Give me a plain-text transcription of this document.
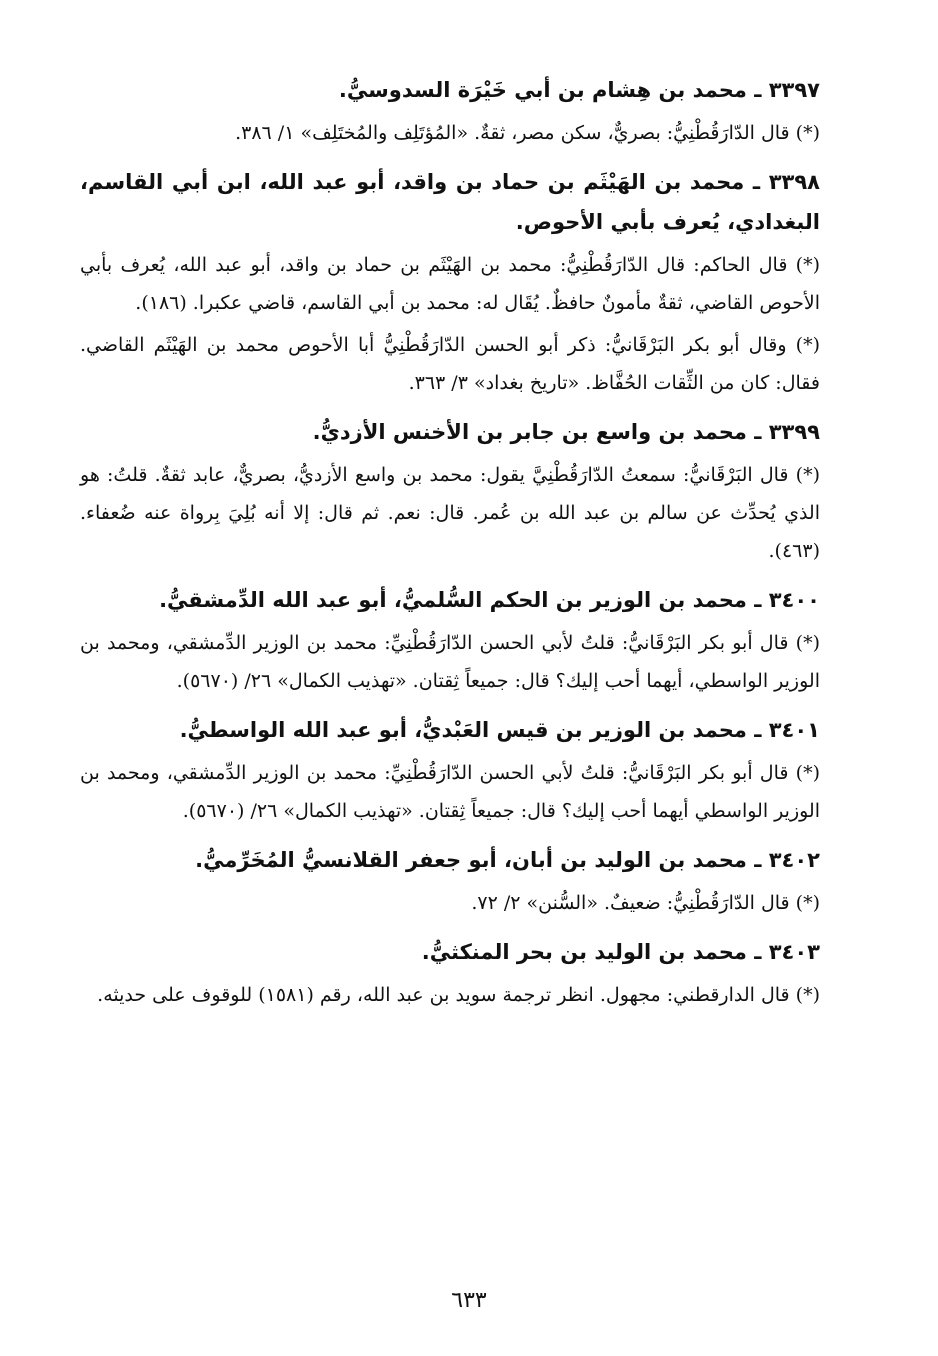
٣٣٩٧ ـ محمد بن هِشام بن أبي خَيْرَة السدوسيُّ.

(*) قال الدّارَقُطْنِيُّ: بصريٌّ، سكن مصر، ثقةٌ. «المُؤتَلِف والمُختَلِف» ١/ ٣٨٦.

٣٣٩٨ ـ محمد بن الهَيْثَم بن حماد بن واقد، أبو عبد الله، ابن أبي القاسم، البغدادي، يُعرف بأبي الأحوص.

(*) قال الحاكم: قال الدّارَقُطْنِيُّ: محمد بن الهَيْثَم بن حماد بن واقد، أبو عبد الله، يُعرف بأبي الأحوص القاضي، ثقةٌ مأمونٌ حافظٌ. يُقَال له: محمد بن أبي القاسم، قاضي عكبرا. (١٨٦).

(*) وقال أبو بكر البَرْقَانيُّ: ذكر أبو الحسن الدّارَقُطْنِيُّ أبا الأحوص محمد بن الهَيْثَم القاضي. فقال: كان من الثِّقات الحُفَّاظ. «تاريخ بغداد» ٣/ ٣٦٣.

٣٣٩٩ ـ محمد بن واسع بن جابر بن الأخنس الأزديُّ.

(*) قال البَرْقَانيُّ: سمعتُ الدّارَقُطْنِيَّ يقول: محمد بن واسع الأزديُّ، بصريٌّ، عابد ثقةٌ. قلتُ: هو الذي يُحدِّث عن سالم بن عبد الله بن عُمر. قال: نعم. ثم قال: إلا أنه بُلِيَ بِرواة عنه ضُعفاء. (٤٦٣).

٣٤٠٠ ـ محمد بن الوزير بن الحكم السُّلميُّ، أبو عبد الله الدِّمشقيُّ.

(*) قال أبو بكر البَرْقَانيُّ: قلتُ لأبي الحسن الدّارَقُطْنِيِّ: محمد بن الوزير الدِّمشقي، ومحمد بن الوزير الواسطي، أيهما أحب إليك؟ قال: جميعاً ثِقتان. «تهذيب الكمال» ٢٦/ (٥٦٧٠).

٣٤٠١ ـ محمد بن الوزير بن قيس العَبْديُّ، أبو عبد الله الواسطيُّ.

(*) قال أبو بكر البَرْقَانيُّ: قلتُ لأبي الحسن الدّارَقُطْنِيِّ: محمد بن الوزير الدِّمشقي، ومحمد بن الوزير الواسطي أيهما أحب إليك؟ قال: جميعاً ثِقتان. «تهذيب الكمال» ٢٦/ (٥٦٧٠).

٣٤٠٢ ـ محمد بن الوليد بن أبان، أبو جعفر القلانسيُّ المُخَرِّميُّ.

(*) قال الدّارَقُطْنِيُّ: ضعيفٌ. «السُّنن» ٢/ ٧٢.

٣٤٠٣ ـ محمد بن الوليد بن بحر المنكثيُّ.

(*) قال الدارقطني: مجهول. انظر ترجمة سويد بن عبد الله، رقم (١٥٨١) للوقوف على حديثه.

٦٣٣
